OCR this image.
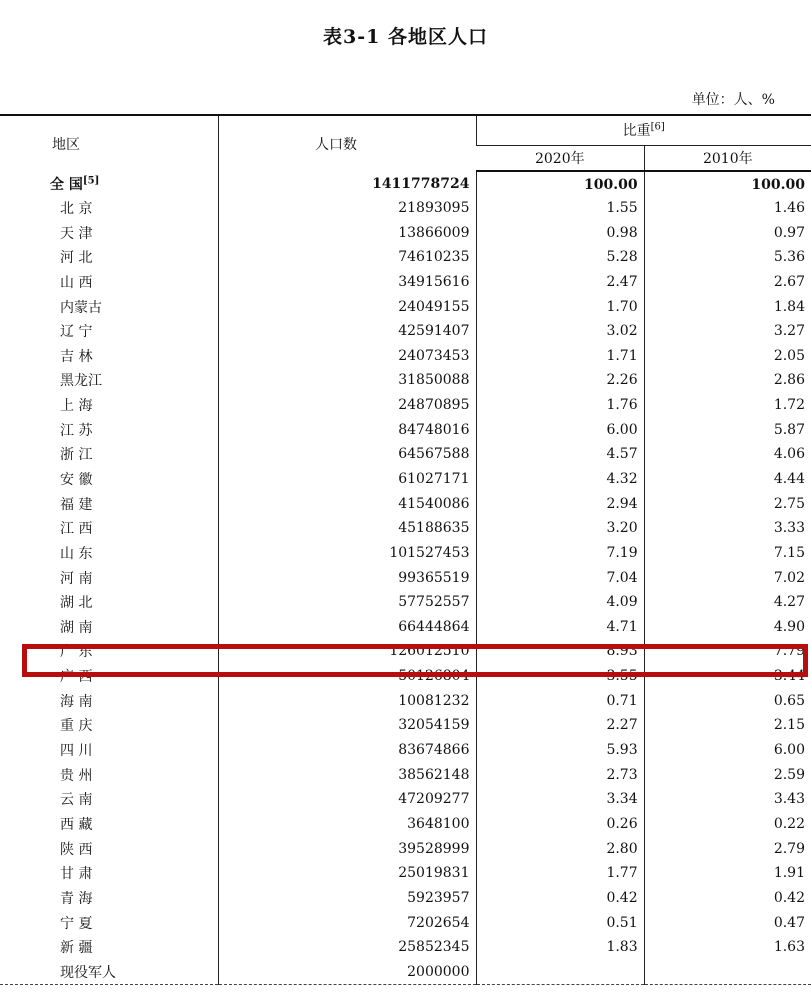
表3-1 各地区人口
单位：人、%
地区	人口数	比重[6]
		2020年	2010年
全 国[5]	1411778724	100.00	100.00
北 京	21893095	1.55	1.46
天 津	13866009	0.98	0.97
河 北	74610235	5.28	5.36
山 西	34915616	2.47	2.67
内蒙古	24049155	1.70	1.84
辽 宁	42591407	3.02	3.27
吉 林	24073453	1.71	2.05
黑龙江	31850088	2.26	2.86
上 海	24870895	1.76	1.72
江 苏	84748016	6.00	5.87
浙 江	64567588	4.57	4.06
安 徽	61027171	4.32	4.44
福 建	41540086	2.94	2.75
江 西	45188635	3.20	3.33
山 东	101527453	7.19	7.15
河 南	99365519	7.04	7.02
湖 北	57752557	4.09	4.27
湖 南	66444864	4.71	4.90
广 东	126012510	8.93	7.79
广 西	50126804	3.55	3.44
海 南	10081232	0.71	0.65
重 庆	32054159	2.27	2.15
四 川	83674866	5.93	6.00
贵 州	38562148	2.73	2.59
云 南	47209277	3.34	3.43
西 藏	3648100	0.26	0.22
陕 西	39528999	2.80	2.79
甘 肃	25019831	1.77	1.91
青 海	5923957	0.42	0.42
宁 夏	7202654	0.51	0.47
新 疆	25852345	1.83	1.63
现役军人	2000000		
